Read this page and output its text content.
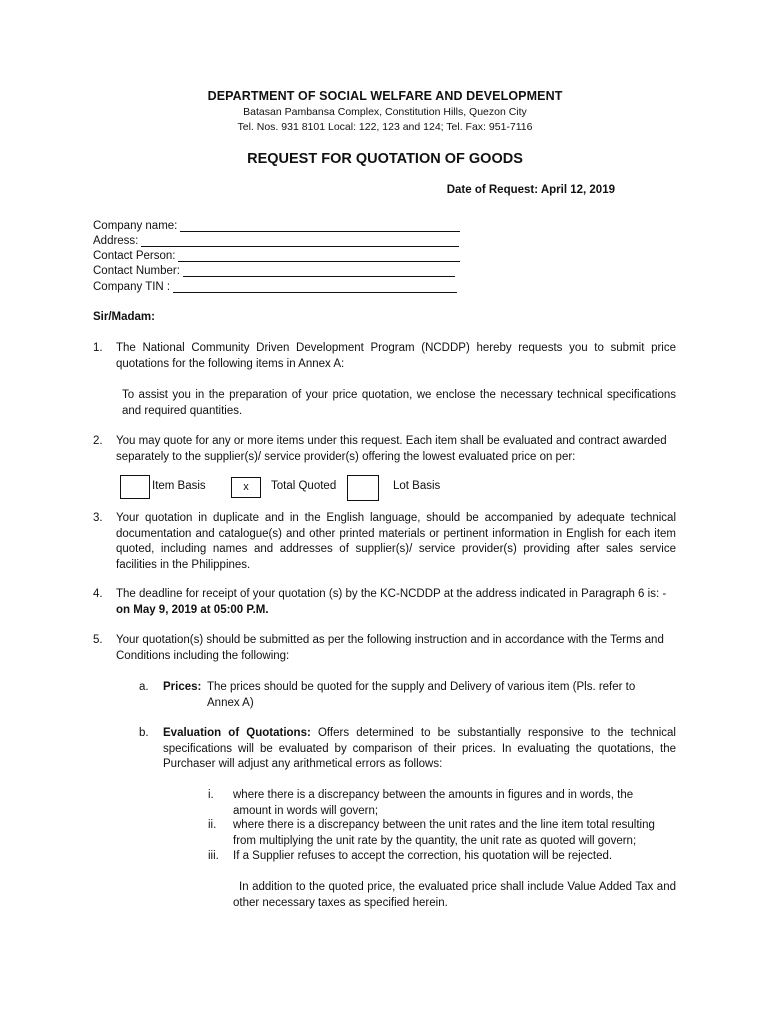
DEPARTMENT OF SOCIAL WELFARE AND DEVELOPMENT
Batasan Pambansa Complex, Constitution Hills, Quezon City
Tel. Nos. 931 8101 Local: 122, 123 and 124; Tel. Fax: 951-7116
REQUEST FOR QUOTATION OF GOODS
Date of Request: April 12, 2019
Company name:
Address:
Contact Person:
Contact Number:
Company TIN :
Sir/Madam:
1. The National Community Driven Development Program (NCDDP) hereby requests you to submit price quotations for the following items in Annex A:
To assist you in the preparation of your price quotation, we enclose the necessary technical specifications and required quantities.
2. You may quote for any or more items under this request. Each item shall be evaluated and contract awarded separately to the supplier(s)/ service provider(s) offering the lowest evaluated price on per:
Item Basis	x	Total Quoted	Lot Basis
3. Your quotation in duplicate and in the English language, should be accompanied by adequate technical documentation and catalogue(s) and other printed materials or pertinent information in English for each item quoted, including names and addresses of supplier(s)/ service provider(s) providing after sales service facilities in the Philippines.
4. The deadline for receipt of your quotation (s) by the KC-NCDDP at the address indicated in Paragraph 6 is: -
on May 9, 2019 at 05:00 P.M.
5. Your quotation(s) should be submitted as per the following instruction and in accordance with the Terms and Conditions including the following:
a. Prices: The prices should be quoted for the supply and Delivery of various item (Pls. refer to Annex A)
b. Evaluation of Quotations: Offers determined to be substantially responsive to the technical specifications will be evaluated by comparison of their prices. In evaluating the quotations, the Purchaser will adjust any arithmetical errors as follows:
i. where there is a discrepancy between the amounts in figures and in words, the amount in words will govern;
ii. where there is a discrepancy between the unit rates and the line item total resulting from multiplying the unit rate by the quantity, the unit rate as quoted will govern;
iii. If a Supplier refuses to accept the correction, his quotation will be rejected.
In addition to the quoted price, the evaluated price shall include Value Added Tax and other necessary taxes as specified herein.
